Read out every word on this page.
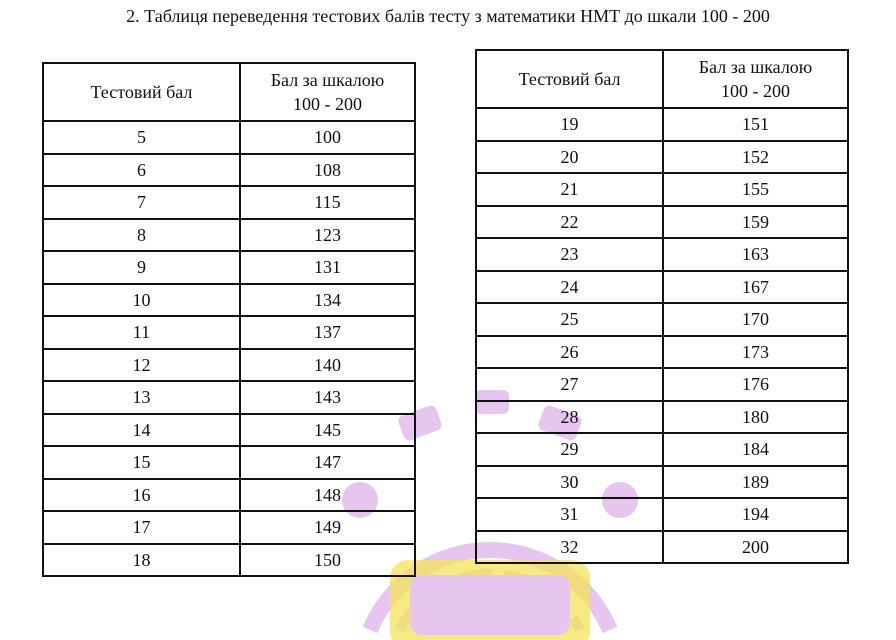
2. Таблиця переведення тестових балів тесту з математики НМТ до шкали 100 - 200
Тестовий бал	Бал за шкалою
100 - 200

5	100
6	108
7	115
8	123
9	131
10	134
11	137
12	140
13	143
14	145
15	147
16	148
17	149
18	150
Тестовий бал	Бал за шкалою
100 - 200

19	151
20	152
21	155
22	159
23	163
24	167
25	170
26	173
27	176
28	180
29	184
30	189
31	194
32	200
